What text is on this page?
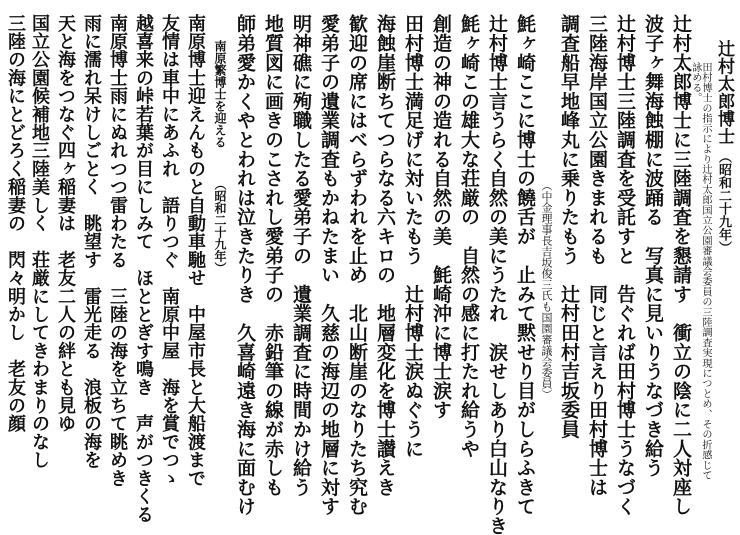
辻村太郎博士
（昭和二十九年）
田村博士の指示により辻村太郎国立公園審議会委員の三陸調査実現につとめ、その折感じて詠める。
辻村太郎博士に三陸調査を懇請す　衝立の陰に二人対座し
波子ヶ舞海蝕棚に波踊る　写真に見いりうなづき給う
辻村博士三陸調査を受託すと　告ぐれば田村博士うなづく
三陸海岸国立公園きまれるも　同じと言えり田村博士は
調査船早地峰丸に乗りたもう　辻村田村吉坂委員
（中金理事長吉坂俊三氏も国園審議会委員）
魹ヶ崎ここに博士の饒舌が　止みて黙せり目がしらふきて
辻村博士言うらく自然の美にうたれ　涙せしあり白山なりき
魹ヶ崎この雄大な荘厳の　自然の感に打たれ給うや
創造の神の造れる自然の美　魹崎沖に博士涙す
田村博士満足げに対いたもう　辻村博士涙ぬぐうに
海蝕崖断ちてつらなる六キロの　地層変化を博士讃えき
歓迎の席にはべらずわれを止め　北山断崖のなりたち究む
愛弟子の遺業調査もかねたまい　久慈の海辺の地層に対す
明神礁に殉職したる愛弟子の　遺業調査に時間かけ給う
地質図に画きのこされし愛弟子の　赤鉛筆の線が赤しも
師弟愛かくやとわれは泣きたりき　久喜崎遠き海に面むけ
南原繁博士を迎える
（昭和二十九年）
南原博士迎えんものと自動車馳せ　中屋市長と大船渡まで
友情は車中にあふれ　語りつぐ　南原中屋　海を賞でつゝ
越喜来の峠若葉が目にしみて　ほととぎす鳴き　声がつきくる
南原博士雨にぬれつつ雷わたる　三陸の海を立ちて眺めき
雨に濡れ呆けしごとく　眺望す　雷光走る　浪板の海を
天と海をつなぐ四ヶ稲妻は　老友二人の絆とも見ゆ
国立公園候補地三陸美しく　荘厳にしてきわまりのなし
三陸の海にとどろく稲妻の　閃々明かし　老友の顔
